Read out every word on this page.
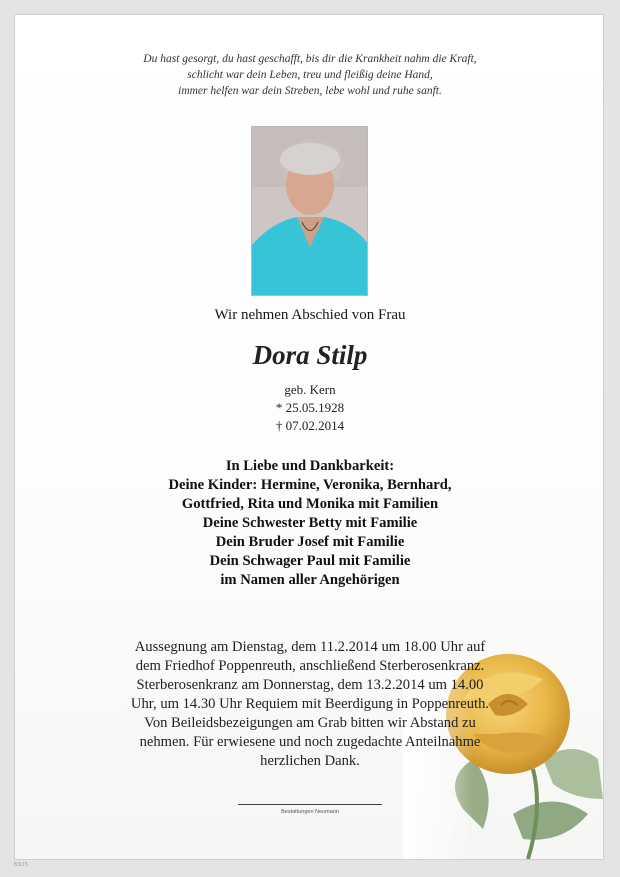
Du hast gesorgt, du hast geschafft, bis dir die Krankheit nahm die Kraft,
schlicht war dein Leben, treu und fleißig deine Hand,
immer helfen war dein Streben, lebe wohl und ruhe sanft.
Wir nehmen Abschied von Frau
Dora Stilp
geb. Kern
* 25.05.1928
† 07.02.2014
In Liebe und Dankbarkeit:
Deine Kinder: Hermine, Veronika, Bernhard,
Gottfried, Rita und Monika mit Familien
Deine Schwester Betty mit Familie
Dein Bruder Josef mit Familie
Dein Schwager Paul mit Familie
im Namen aller Angehörigen
Aussegnung am Dienstag, dem 11.2.2014 um 18.00 Uhr auf
dem Friedhof Poppenreuth, anschließend Sterberosenkranz.
Sterberosenkranz am Donnerstag, dem 13.2.2014 um 14.00
Uhr, um 14.30 Uhr Requiem mit Beerdigung in Poppenreuth.
Von Beileidsbezeigungen am Grab bitten wir Abstand zu
nehmen. Für erwiesene und noch zugedachte Anteilnahme
herzlichen Dank.
Bestattungen Neumann
BS15
